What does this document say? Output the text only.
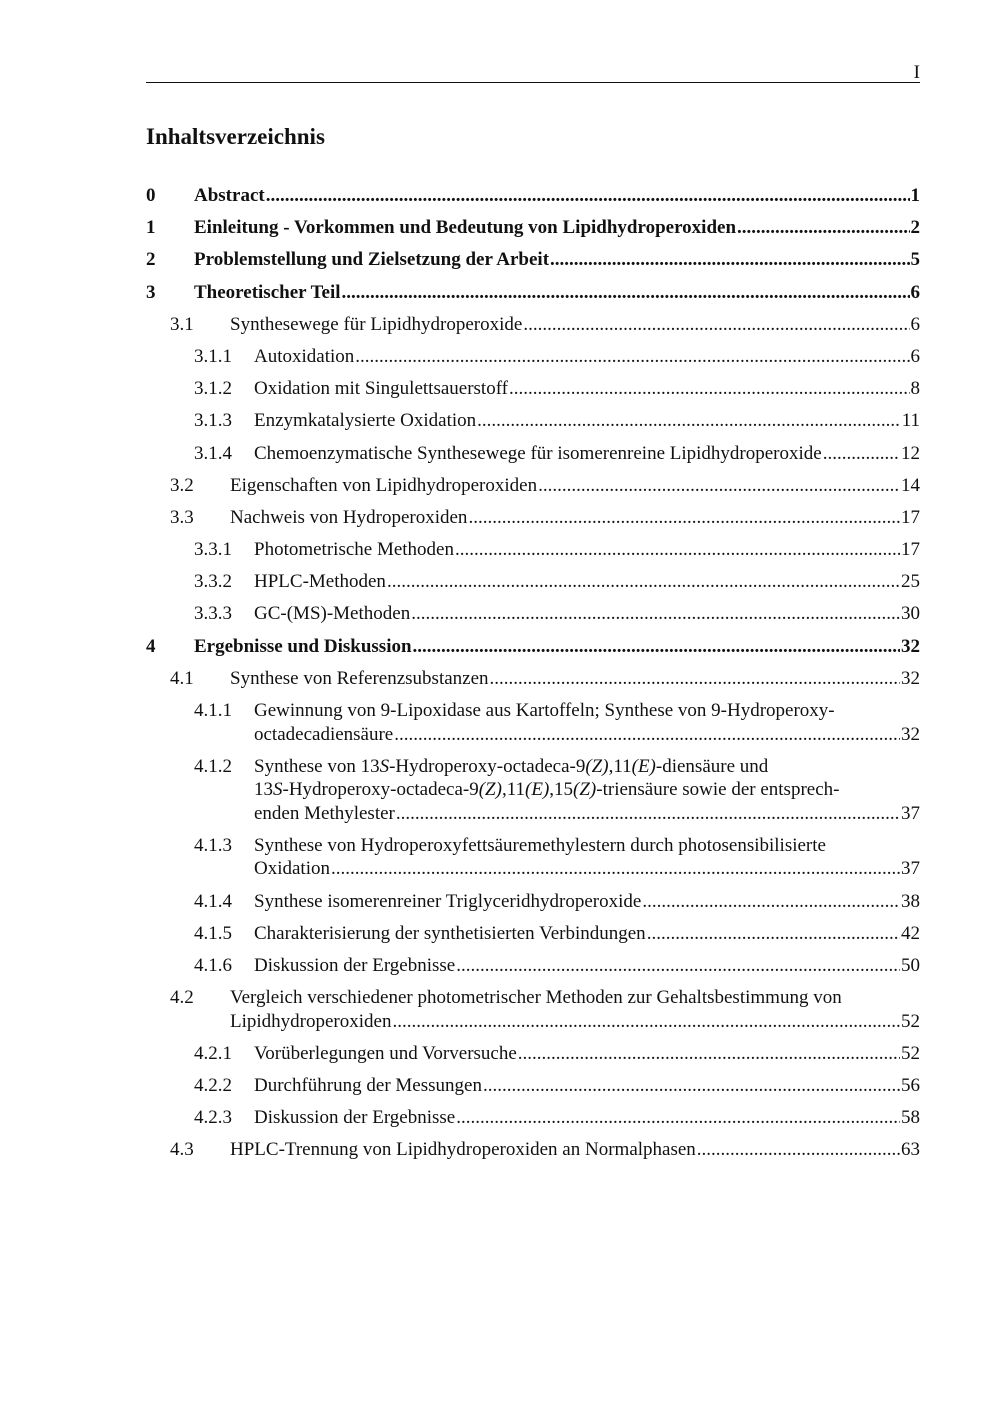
I
Inhaltsverzeichnis
0	Abstract .....	1
1	Einleitung - Vorkommen und Bedeutung von Lipidhydroperoxiden .....	2
2	Problemstellung und Zielsetzung der Arbeit .....	5
3	Theoretischer Teil .....	6
3.1	Synthesewege für Lipidhydroperoxide .....	6
3.1.1	Autoxidation .....	6
3.1.2	Oxidation mit Singulettsauerstoff .....	8
3.1.3	Enzymkatalysierte Oxidation .....	11
3.1.4	Chemoenzymatische Synthesewege für isomerenreine Lipidhydroperoxide .....	12
3.2	Eigenschaften von Lipidhydroperoxiden .....	14
3.3	Nachweis von Hydroperoxiden .....	17
3.3.1	Photometrische Methoden .....	17
3.3.2	HPLC-Methoden .....	25
3.3.3	GC-(MS)-Methoden .....	30
4	Ergebnisse und Diskussion .....	32
4.1	Synthese von Referenzsubstanzen .....	32
4.1.1	Gewinnung von 9-Lipoxidase aus Kartoffeln; Synthese von 9-Hydroperoxy-
octadecadiensäure .....	32
4.1.2	Synthese von 13S-Hydroperoxy-octadeca-9(Z),11(E)-diensäure und
13S-Hydroperoxy-octadeca-9(Z),11(E),15(Z)-triensäure sowie der entsprech-
enden Methylester .....	37
4.1.3	Synthese von Hydroperoxyfettsäuremethylestern durch photosensibilisierte
Oxidation .....	37
4.1.4	Synthese isomerenreiner Triglyceridhydroperoxide .....	38
4.1.5	Charakterisierung der synthetisierten Verbindungen .....	42
4.1.6	Diskussion der Ergebnisse .....	50
4.2	Vergleich verschiedener photometrischer Methoden zur Gehaltsbestimmung von
Lipidhydroperoxiden .....	52
4.2.1	Vorüberlegungen und Vorversuche .....	52
4.2.2	Durchführung der Messungen .....	56
4.2.3	Diskussion der Ergebnisse .....	58
4.3	HPLC-Trennung von Lipidhydroperoxiden an Normalphasen .....	63
